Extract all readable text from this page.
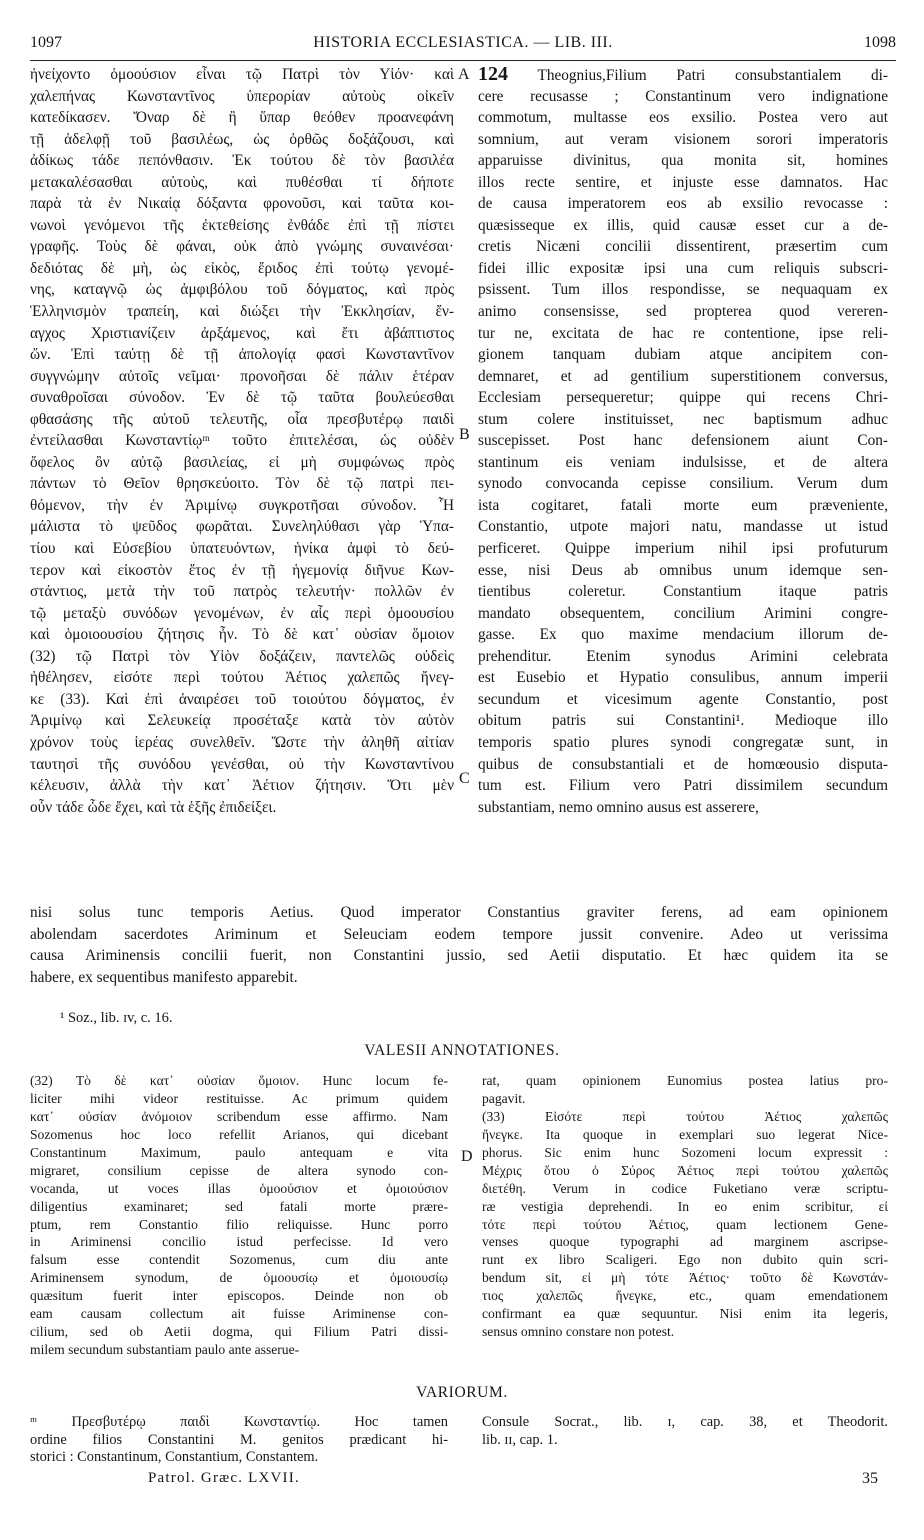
1097	HISTORIA ECCLESIASTICA. — LIB. III.	1098
ἠνείχοντο ὁμοούσιον εἶναι τῷ Πατρὶ τὸν Υἱόν· καὶ
χαλεπήνας Κωνσταντῖνος ὑπερορίαν αὐτοὺς οἰκεῖν
κατεδίκασεν. Ὄναρ δὲ ἢ ὕπαρ θεόθεν προανεφάνη
τῇ ἀδελφῇ τοῦ βασιλέως, ὡς ὀρθῶς δοξάζουσι, καὶ
ἀδίκως τάδε πεπόνθασιν. Ἐκ τούτου δὲ τὸν βασιλέα
μετακαλέσασθαι αὐτοὺς, καὶ πυθέσθαι τί δήποτε
παρὰ τὰ ἐν Νικαίᾳ δόξαντα φρονοῦσι, καὶ ταῦτα κοι-
νωνοὶ γενόμενοι τῆς ἐκτεθείσης ἐνθάδε ἐπὶ τῇ πίστει
γραφῆς. Τοὺς δὲ φάναι, οὐκ ἀπὸ γνώμης συναινέσαι·
δεδιότας δὲ μὴ, ὡς εἰκὸς, ἔριδος ἐπὶ τούτῳ γενομέ-
νης, καταγνῷ ὡς ἀμφιβόλου τοῦ δόγματος, καὶ πρὸς
Ἑλληνισμὸν τραπείη, καὶ διώξει τὴν Ἐκκλησίαν, ἔν-
αγχος Χριστιανίζειν ἀρξάμενος, καὶ ἔτι ἀβάπτιστος
ὤν. Ἐπὶ ταύτῃ δὲ τῇ ἀπολογίᾳ φασὶ Κωνσταντῖνον
συγγνώμην αὐτοῖς νεῖμαι· προνοῆσαι δὲ πάλιν ἑτέραν
συναθροῖσαι σύνοδον. Ἐν δὲ τῷ ταῦτα βουλεύεσθαι
φθασάσης τῆς αὐτοῦ τελευτῆς, οἷα πρεσβυτέρῳ παιδὶ
ἐντείλασθαι Κωνσταντίῳᵐ τοῦτο ἐπιτελέσαι, ὡς οὐδὲν
ὄφελος ὂν αὐτῷ βασιλείας, εἰ μὴ συμφώνως πρὸς
πάντων τὸ Θεῖον θρησκεύοιτο. Τὸν δὲ τῷ πατρὶ πει-
θόμενον, τὴν ἐν Ἀριμίνῳ συγκροτῆσαι σύνοδον. Ἧ
μάλιστα τὸ ψεῦδος φωρᾶται. Συνεληλύθασι γὰρ Ὑπα-
τίου καὶ Εὐσεβίου ὑπατευόντων, ἡνίκα ἀμφὶ τὸ δεύ-
τερον καὶ εἰκοστὸν ἔτος ἐν τῇ ἡγεμονίᾳ διῆνυε Κων-
στάντιος, μετὰ τὴν τοῦ πατρὸς τελευτήν· πολλῶν ἐν
τῷ μεταξὺ συνόδων γενομένων, ἐν αἷς περὶ ὁμοουσίου
καὶ ὁμοιοουσίου ζήτησις ἦν. Τὸ δὲ κατ᾽ οὐσίαν ὅμοιον
(32) τῷ Πατρὶ τὸν Υἱὸν δοξάζειν, παντελῶς οὐδεὶς
ἠθέλησεν, εἰσότε περὶ τούτου Ἀέτιος χαλεπῶς ἤνεγ-
κε (33). Καὶ ἐπὶ ἀναιρέσει τοῦ τοιούτου δόγματος, ἐν
Ἀριμίνῳ καὶ Σελευκείᾳ προσέταξε κατὰ τὸν αὐτὸν
χρόνον τοὺς ἱερέας συνελθεῖν. Ὥστε τὴν ἀληθῆ αἰτίαν
ταυτησὶ τῆς συνόδου γενέσθαι, οὐ τὴν Κωνσταντίνου
κέλευσιν, ἀλλὰ τὴν κατ᾽ Ἀέτιον ζήτησιν. Ὅτι μὲν
οὖν τάδε ὧδε ἔχει, καὶ τὰ ἑξῆς ἐπιδείξει.
124 Theognius,Filium Patri consubstantialem di-
cere recusasse ; Constantinum vero indignatione
commotum, multasse eos exsilio. Postea vero aut
somnium, aut veram visionem sorori imperatoris
apparuisse divinitus, qua monita sit, homines
illos recte sentire, et injuste esse damnatos. Hac
de causa imperatorem eos ab exsilio revocasse :
quæsisseque ex illis, quid causæ esset cur a de-
cretis Nicæni concilii dissentirent, præsertim cum
fidei illic expositæ ipsi una cum reliquis subscri-
psissent. Tum illos respondisse, se nequaquam ex
animo consensisse, sed propterea quod vereren-
tur ne, excitata de hac re contentione, ipse reli-
gionem tanquam dubiam atque ancipitem con-
demnaret, et ad gentilium superstitionem conversus,
Ecclesiam persequeretur; quippe qui recens Chri-
stum colere instituisset, nec baptismum adhuc
suscepisset. Post hanc defensionem aiunt Con-
stantinum eis veniam indulsisse, et de altera
synodo convocanda cepisse consilium. Verum dum
ista cogitaret, fatali morte eum præveniente,
Constantio, utpote majori natu, mandasse ut istud
perficeret. Quippe imperium nihil ipsi profuturum
esse, nisi Deus ab omnibus unum idemque sen-
tientibus coleretur. Constantium itaque patris
mandato obsequentem, concilium Arimini congre-
gasse. Ex quo maxime mendacium illorum de-
prehenditur. Etenim synodus Arimini celebrata
est Eusebio et Hypatio consulibus, annum imperii
secundum et vicesimum agente Constantio, post
obitum patris sui Constantini¹. Medioque illo
temporis spatio plures synodi congregatæ sunt, in
quibus de consubstantiali et de homœousio disputa-
tum est. Filium vero Patri dissimilem secundum
substantiam, nemo omnino ausus est asserere,
A
B
C
D
nisi solus tunc temporis Aetius. Quod imperator Constantius graviter ferens, ad eam opinionem
abolendam sacerdotes Ariminum et Seleuciam eodem tempore jussit convenire. Adeo ut verissima
causa Ariminensis concilii fuerit, non Constantini jussio, sed Aetii disputatio. Et hæc quidem ita se
habere, ex sequentibus manifesto apparebit.
¹ Soz., lib. ɪv, c. 16.
VALESII ANNOTATIONES.
(32) Τὸ δὲ κατ᾽ οὐσίαν ὅμοιον. Hunc locum fe-
liciter mihi videor restituisse. Ac primum quidem
κατ᾽ οὐσίαν ἀνόμοιον scribendum esse affirmo. Nam
Sozomenus hoc loco refellit Arianos, qui dicebant
Constantinum Maximum, paulo antequam e vita
migraret, consilium cepisse de altera synodo con-
vocanda, ut voces illas ὁμοούσιον et ὁμοιούσιον
diligentius examinaret; sed fatali morte prære-
ptum, rem Constantio filio reliquisse. Hunc porro
in Ariminensi concilio istud perfecisse. Id vero
falsum esse contendit Sozomenus, cum diu ante
Ariminensem synodum, de ὁμοουσίῳ et ὁμοιουσίῳ
quæsitum fuerit inter episcopos. Deinde non ob
eam causam collectum ait fuisse Ariminense con-
cilium, sed ob Aetii dogma, qui Filium Patri dissi-
milem secundum substantiam paulo ante asserue-
rat, quam opinionem Eunomius postea latius pro-
pagavit.
(33) Εἰσότε περὶ τούτου Ἀέτιος χαλεπῶς
ἤνεγκε. Ita quoque in exemplari suo legerat Nice-
phorus. Sic enim hunc Sozomeni locum expressit :
Μέχρις ὅτου ὁ Σύρος Ἀέτιος περὶ τούτου χαλεπῶς
διετέθη. Verum in codice Fuketiano veræ scriptu-
ræ vestigia deprehendi. In eo enim scribitur, εἰ
τότε περὶ τούτου Ἀέτιος, quam lectionem Gene-
venses quoque typographi ad marginem ascripse-
runt ex libro Scaligeri. Ego non dubito quin scri-
bendum sit, εἰ μὴ τότε Ἀέτιος· τοῦτο δὲ Κωνστάν-
τιος χαλεπῶς ἤνεγκε, etc., quam emendationem
confirmant ea quæ sequuntur. Nisi enim ita legeris,
sensus omnino constare non potest.
VARIORUM.
ᵐ Πρεσβυτέρῳ παιδὶ Κωνσταντίῳ. Hoc tamen
ordine filios Constantini M. genitos prædicant hi-
storici : Constantinum, Constantium, Constantem.
Consule Socrat., lib. ɪ, cap. 38, et Theodorit.
lib. ɪɪ, cap. 1.
Patrol. Græc. LXVII.	35
